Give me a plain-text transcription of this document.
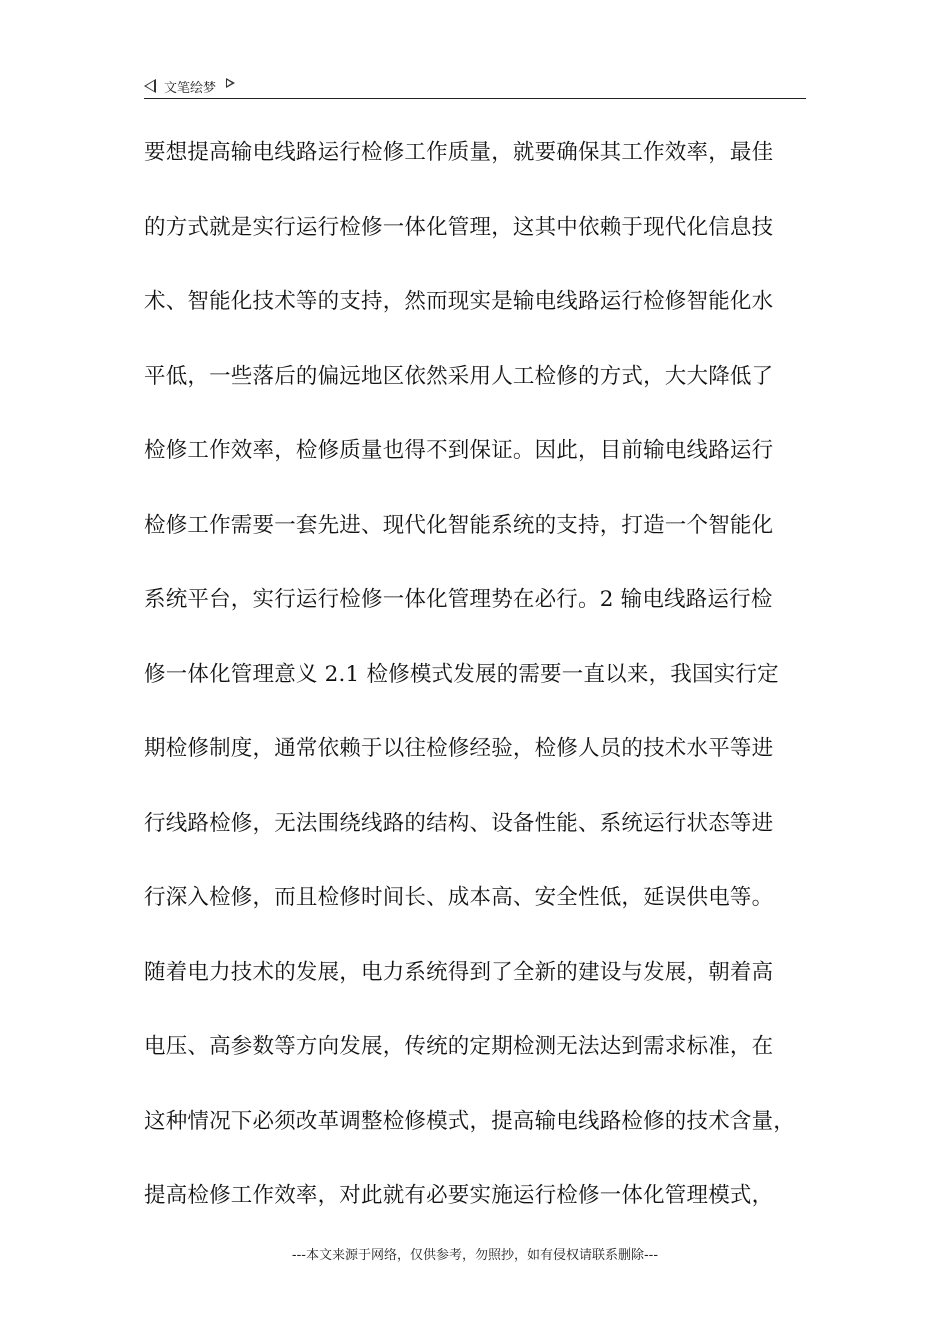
文笔绘梦
要想提高输电线路运行检修工作质量，就要确保其工作效率，最佳
的方式就是实行运行检修一体化管理，这其中依赖于现代化信息技
术、智能化技术等的支持，然而现实是输电线路运行检修智能化水
平低，一些落后的偏远地区依然采用人工检修的方式，大大降低了
检修工作效率，检修质量也得不到保证。因此，目前输电线路运行
检修工作需要一套先进、现代化智能系统的支持，打造一个智能化
系统平台，实行运行检修一体化管理势在必行。2 输电线路运行检
修一体化管理意义 2.1 检修模式发展的需要一直以来，我国实行定
期检修制度，通常依赖于以往检修经验，检修人员的技术水平等进
行线路检修，无法围绕线路的结构、设备性能、系统运行状态等进
行深入检修，而且检修时间长、成本高、安全性低，延误供电等。
随着电力技术的发展，电力系统得到了全新的建设与发展，朝着高
电压、高参数等方向发展，传统的定期检测无法达到需求标准，在
这种情况下必须改革调整检修模式，提高输电线路检修的技术含量，
提高检修工作效率，对此就有必要实施运行检修一体化管理模式，
---本文来源于网络，仅供参考，勿照抄，如有侵权请联系删除---
